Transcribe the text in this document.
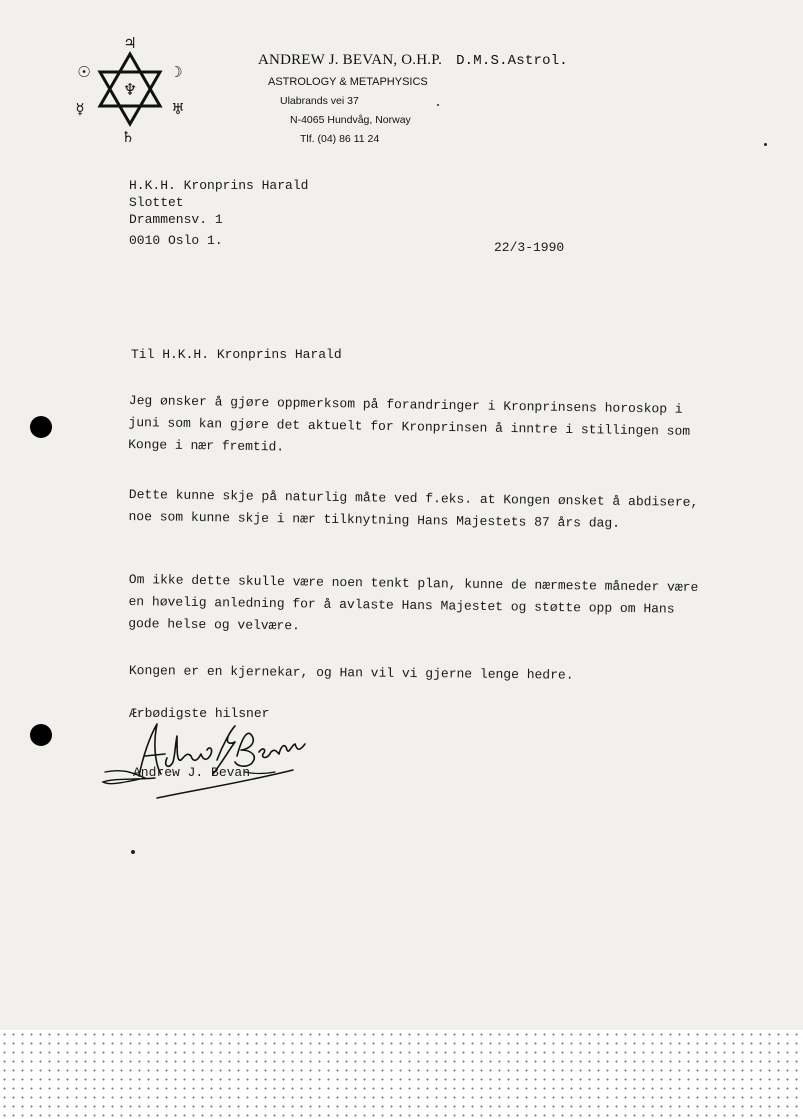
♃
☉	☽
♆
☿	♅
♄
ANDREW J. BEVAN, O.H.P. D.M.S.Astrol.
ASTROLOGY & METAPHYSICS
Ulabrands vei 37
N-4065 Hundvåg, Norway
Tlf. (04) 86 11 24
H.K.H. Kronprins Harald
Slottet
Drammensv. 1
0010 Oslo 1.	22/3-1990
Til H.K.H. Kronprins Harald

Jeg ønsker å gjøre oppmerksom på forandringer i Kronprinsens horoskop i juni som kan gjøre det aktuelt for Kronprinsen å inntre i stillingen som Konge i nær fremtid.

Dette kunne skje på naturlig måte ved f.eks. at Kongen ønsket å abdisere, noe som kunne skje i nær tilknytning Hans Majestets 87 års dag.

Om ikke dette skulle være noen tenkt plan, kunne de nærmeste måneder være en høvelig anledning for å avlaste Hans Majestet og støtte opp om Hans gode helse og velvære.

Kongen er en kjernekar, og Han vil vi gjerne lenge hedre.

Ærbødigste hilsner
Andrew J. Bevan
